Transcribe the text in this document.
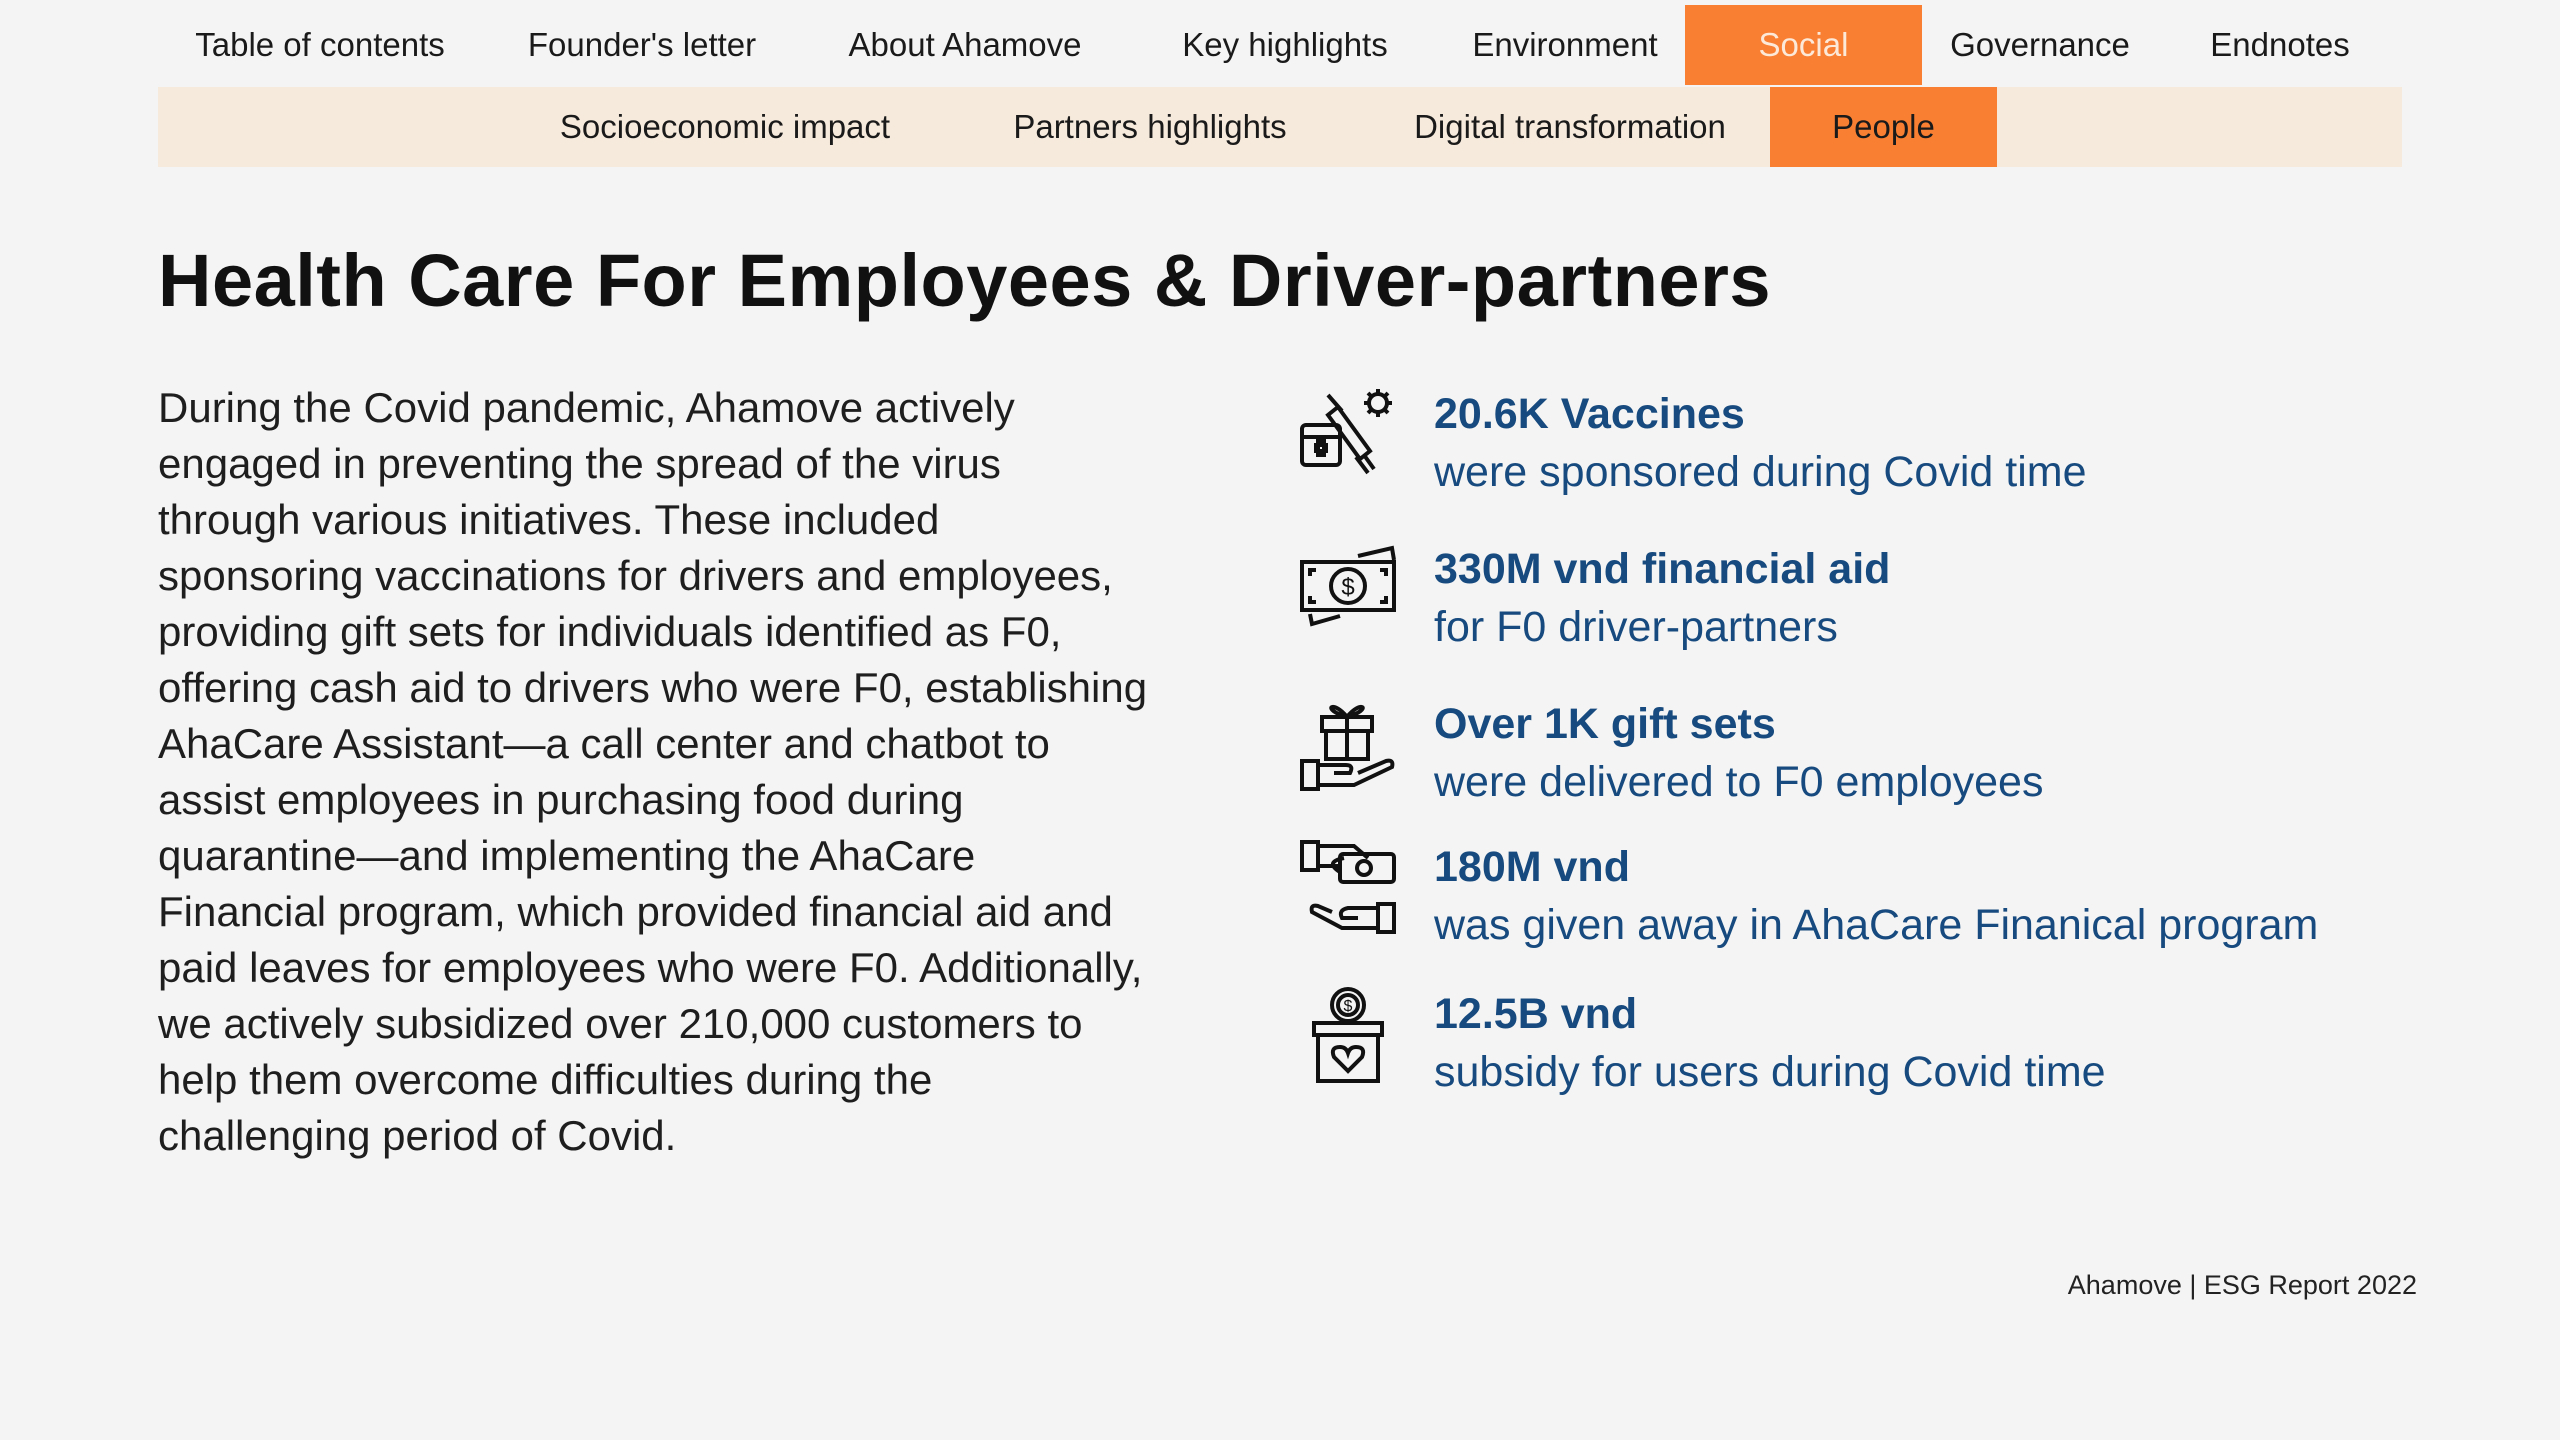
Table of contents	Founder's letter	About Ahamove	Key highlights	Environment	Social	Governance	Endnotes
Socioeconomic impact	Partners highlights	Digital transformation	People
Health Care For Employees & Driver-partners
During the Covid pandemic, Ahamove actively
engaged in preventing the spread of the virus
through various initiatives. These included
sponsoring vaccinations for drivers and employees,
providing gift sets for individuals identified as F0,
offering cash aid to drivers who were F0, establishing
AhaCare Assistant—a call center and chatbot to
assist employees in purchasing food during
quarantine—and implementing the AhaCare
Financial program, which provided financial aid and
paid leaves for employees who were F0. Additionally,
we actively subsidized over 210,000 customers to
help them overcome difficulties during the
challenging period of Covid.
20.6K Vaccines
were sponsored during Covid time
$ 330M vnd financial aid
for F0 driver-partners
Over 1K gift sets
were delivered to F0 employees
180M vnd
was given away in AhaCare Finanical program
$ 12.5B vnd
subsidy for users during Covid time
Ahamove | ESG Report 2022
